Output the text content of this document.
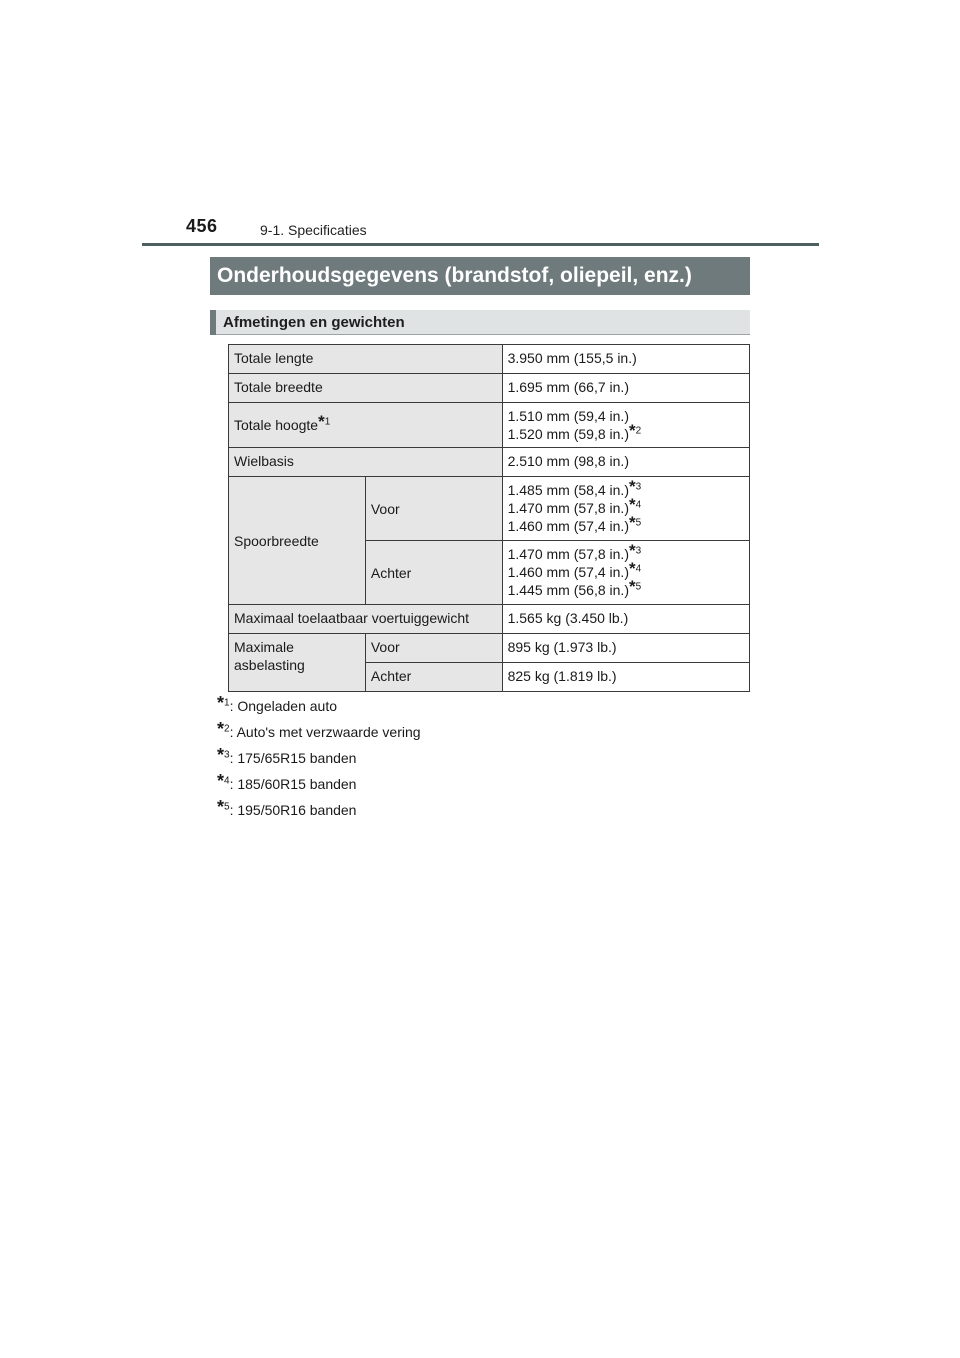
456	9-1. Specificaties
Onderhoudsgegevens (brandstof, oliepeil, enz.)
Afmetingen en gewichten
Totale lengte		3.950 mm (155,5 in.)
Totale breedte		1.695 mm (66,7 in.)
Totale hoogte*$^1$		1.510 mm (59,4 in.)
1.520 mm (59,8 in.)*$^2$

Wielbasis		2.510 mm (98,8 in.)
Spoorbreedte	Voor	1.485 mm (58,4 in.)*$^3$
1.470 mm (57,8 in.)*$^4$
1.460 mm (57,4 in.)*$^5$

	Achter	1.470 mm (57,8 in.)*$^3$
1.460 mm (57,4 in.)*$^4$
1.445 mm (56,8 in.)*$^5$

Maximaal toelaatbaar voertuiggewicht		1.565 kg (3.450 lb.)
Maximale asbelasting	Voor	895 kg (1.973 lb.)
	Achter	825 kg (1.819 lb.)
*$^1$: Ongeladen auto
*$^2$: Auto's met verzwaarde vering
*$^3$: 175/65R15 banden
*$^4$: 185/60R15 banden
*$^5$: 195/50R16 banden
